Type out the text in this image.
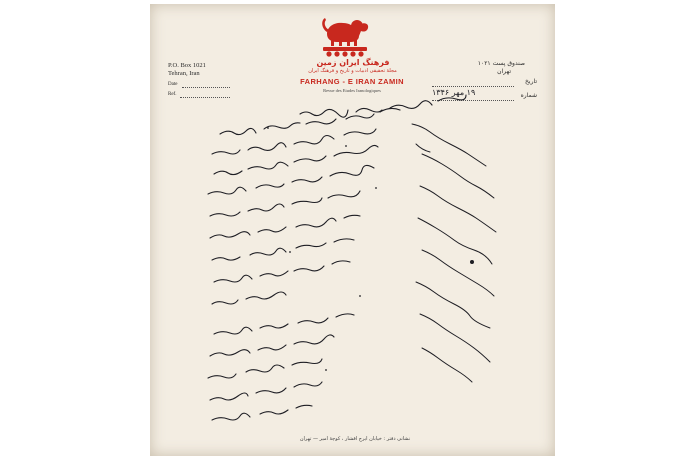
فرهنگ ایران زمین
مجلهٔ تحقیقی ادبیات و تاریخ و فرهنگ ایران
FARHANG - E IRAN ZAMIN
Revue des Etudes Iranologiques
P.O. Box 1021
Tehran, Iran
Date
Ref.
صندوق پست ۱۰۲۱
تهران
تاریخ
۱۹ مهر ۱۳۴۶	شماره
نشانی دفتر : خیابان ایرج افشار ، کوچهٔ امیر — تهران
